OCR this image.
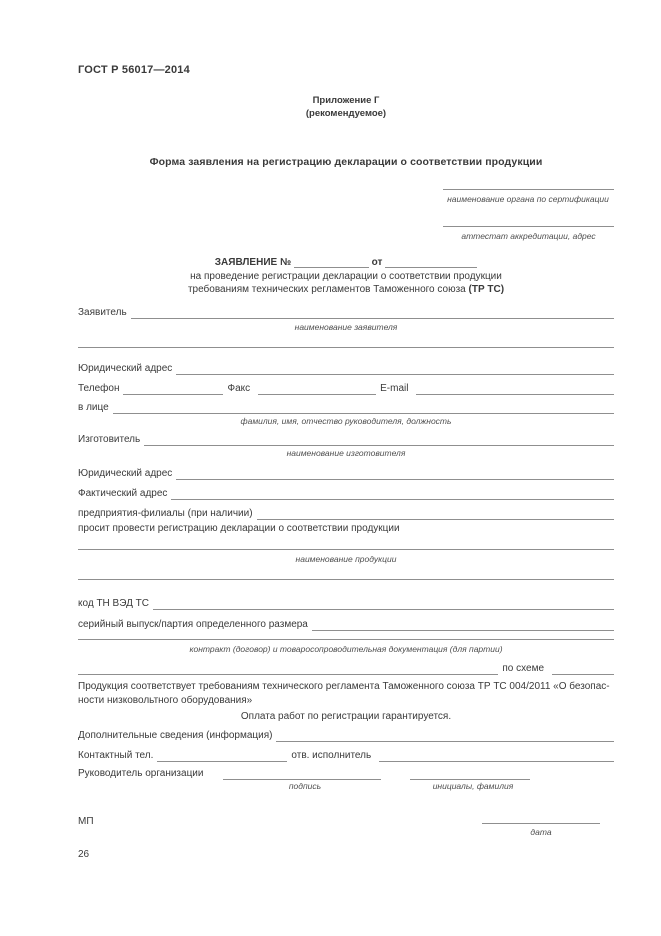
ГОСТ Р 56017—2014
Приложение Г
(рекомендуемое)
Форма заявления на регистрацию декларации о соответствии продукции
наименование органа по сертификации
аттестат аккредитации, адрес
ЗАЯВЛЕНИЕ №	от
на проведение регистрации декларации о соответствии продукции
требованиям технических регламентов Таможенного союза (ТР ТС)
Заявитель
наименование заявителя
Юридический адрес
Телефон	Факс	E-mail
в лице
фамилия, имя, отчество руководителя, должность
Изготовитель
наименование изготовителя
Юридический адрес
Фактический адрес
предприятия-филиалы (при наличии)
просит провести регистрацию декларации о соответствии продукции
наименование продукции
код ТН ВЭД ТС
серийный выпуск/партия определенного размера
контракт (договор) и товаросопроводительная документация (для партии)
по схеме
Продукция соответствует требованиям технического регламента Таможенного союза ТР ТС 004/2011 «О безопас-
ности низковольтного оборудования»
Оплата работ по регистрации гарантируется.
Дополнительные сведения (информация)
Контактный тел.	отв. исполнитель
Руководитель организации
подпись	инициалы, фамилия
МП
дата
26
